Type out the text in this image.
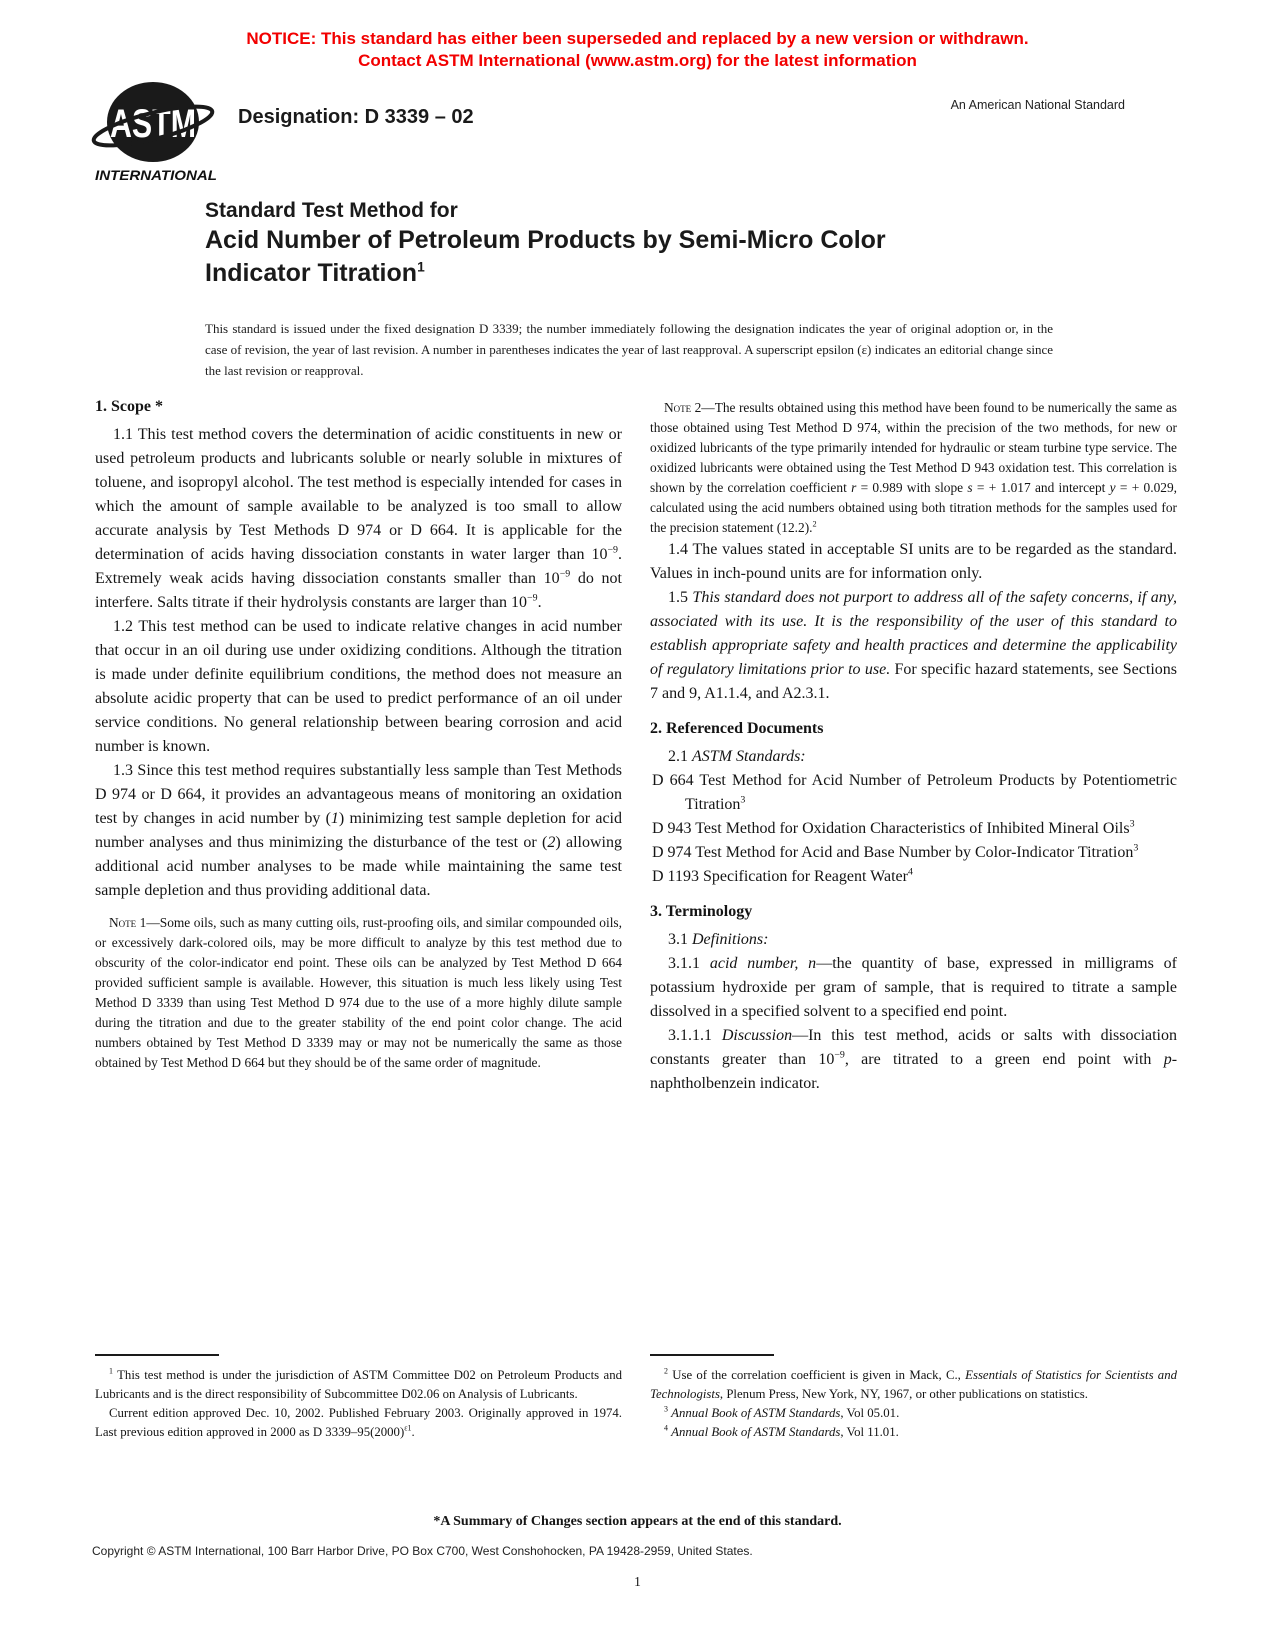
NOTICE: This standard has either been superseded and replaced by a new version or withdrawn.
Contact ASTM International (www.astm.org) for the latest information
ASTM
INTERNATIONAL
Designation: D 3339 – 02
An American National Standard
Standard Test Method for
Acid Number of Petroleum Products by Semi-Micro Color
Indicator Titration$^1$
This standard is issued under the fixed designation D 3339; the number immediately following the designation indicates the year of original adoption or, in the case of revision, the year of last revision. A number in parentheses indicates the year of last reapproval. A superscript epsilon (ε) indicates an editorial change since the last revision or reapproval.

1. Scope *

1.1 This test method covers the determination of acidic constituents in new or used petroleum products and lubricants soluble or nearly soluble in mixtures of toluene, and isopropyl alcohol. The test method is especially intended for cases in which the amount of sample available to be analyzed is too small to allow accurate analysis by Test Methods D 974 or D 664. It is applicable for the determination of acids having dissociation constants in water larger than $10^{-9}$. Extremely weak acids having dissociation constants smaller than $10^{-9}$ do not interfere. Salts titrate if their hydrolysis constants are larger than $10^{-9}$.

1.2 This test method can be used to indicate relative changes in acid number that occur in an oil during use under oxidizing conditions. Although the titration is made under definite equilibrium conditions, the method does not measure an absolute acidic property that can be used to predict performance of an oil under service conditions. No general relationship between bearing corrosion and acid number is known.

1.3 Since this test method requires substantially less sample than Test Methods D 974 or D 664, it provides an advantageous means of monitoring an oxidation test by changes in acid number by (1) minimizing test sample depletion for acid number analyses and thus minimizing the disturbance of the test or (2) allowing additional acid number analyses to be made while maintaining the same test sample depletion and thus providing additional data.

Note 1—Some oils, such as many cutting oils, rust-proofing oils, and similar compounded oils, or excessively dark-colored oils, may be more difficult to analyze by this test method due to obscurity of the color-indicator end point. These oils can be analyzed by Test Method D 664 provided sufficient sample is available. However, this situation is much less likely using Test Method D 3339 than using Test Method D 974 due to the use of a more highly dilute sample during the titration and due to the greater stability of the end point color change. The acid numbers obtained by Test Method D 3339 may or may not be numerically the same as those obtained by Test Method D 664 but they should be of the same order of magnitude.

Note 2—The results obtained using this method have been found to be numerically the same as those obtained using Test Method D 974, within the precision of the two methods, for new or oxidized lubricants of the type primarily intended for hydraulic or steam turbine type service. The oxidized lubricants were obtained using the Test Method D 943 oxidation test. This correlation is shown by the correlation coefficient r = 0.989 with slope s = + 1.017 and intercept y = + 0.029, calculated using the acid numbers obtained using both titration methods for the samples used for the precision statement (12.2).$^2$

1.4 The values stated in acceptable SI units are to be regarded as the standard. Values in inch-pound units are for information only.

1.5 This standard does not purport to address all of the safety concerns, if any, associated with its use. It is the responsibility of the user of this standard to establish appropriate safety and health practices and determine the applicability of regulatory limitations prior to use. For specific hazard statements, see Sections 7 and 9, A1.1.4, and A2.3.1.

2. Referenced Documents

2.1 ASTM Standards:

D 664 Test Method for Acid Number of Petroleum Products by Potentiometric Titration$^3$

D 943 Test Method for Oxidation Characteristics of Inhibited Mineral Oils$^3$

D 974 Test Method for Acid and Base Number by Color-Indicator Titration$^3$

D 1193 Specification for Reagent Water$^4$

3. Terminology

3.1 Definitions:

3.1.1 acid number, n—the quantity of base, expressed in milligrams of potassium hydroxide per gram of sample, that is required to titrate a sample dissolved in a specified solvent to a specified end point.

3.1.1.1 Discussion—In this test method, acids or salts with dissociation constants greater than $10^{-9}$, are titrated to a green end point with p-naphtholbenzein indicator.

$^1$ This test method is under the jurisdiction of ASTM Committee D02 on Petroleum Products and Lubricants and is the direct responsibility of Subcommittee D02.06 on Analysis of Lubricants.

Current edition approved Dec. 10, 2002. Published February 2003. Originally approved in 1974. Last previous edition approved in 2000 as D $3339-95(2000)^{\varepsilon 1}$.

$^2$ Use of the correlation coefficient is given in Mack, C., Essentials of Statistics for Scientists and Technologists, Plenum Press, New York, NY, 1967, or other publications on statistics.

$^3$ Annual Book of ASTM Standards, Vol 05.01.

$^4$ Annual Book of ASTM Standards, Vol 11.01.

*A Summary of Changes section appears at the end of this standard.
Copyright © ASTM International, 100 Barr Harbor Drive, PO Box C700, West Conshohocken, PA 19428-2959, United States.
1
